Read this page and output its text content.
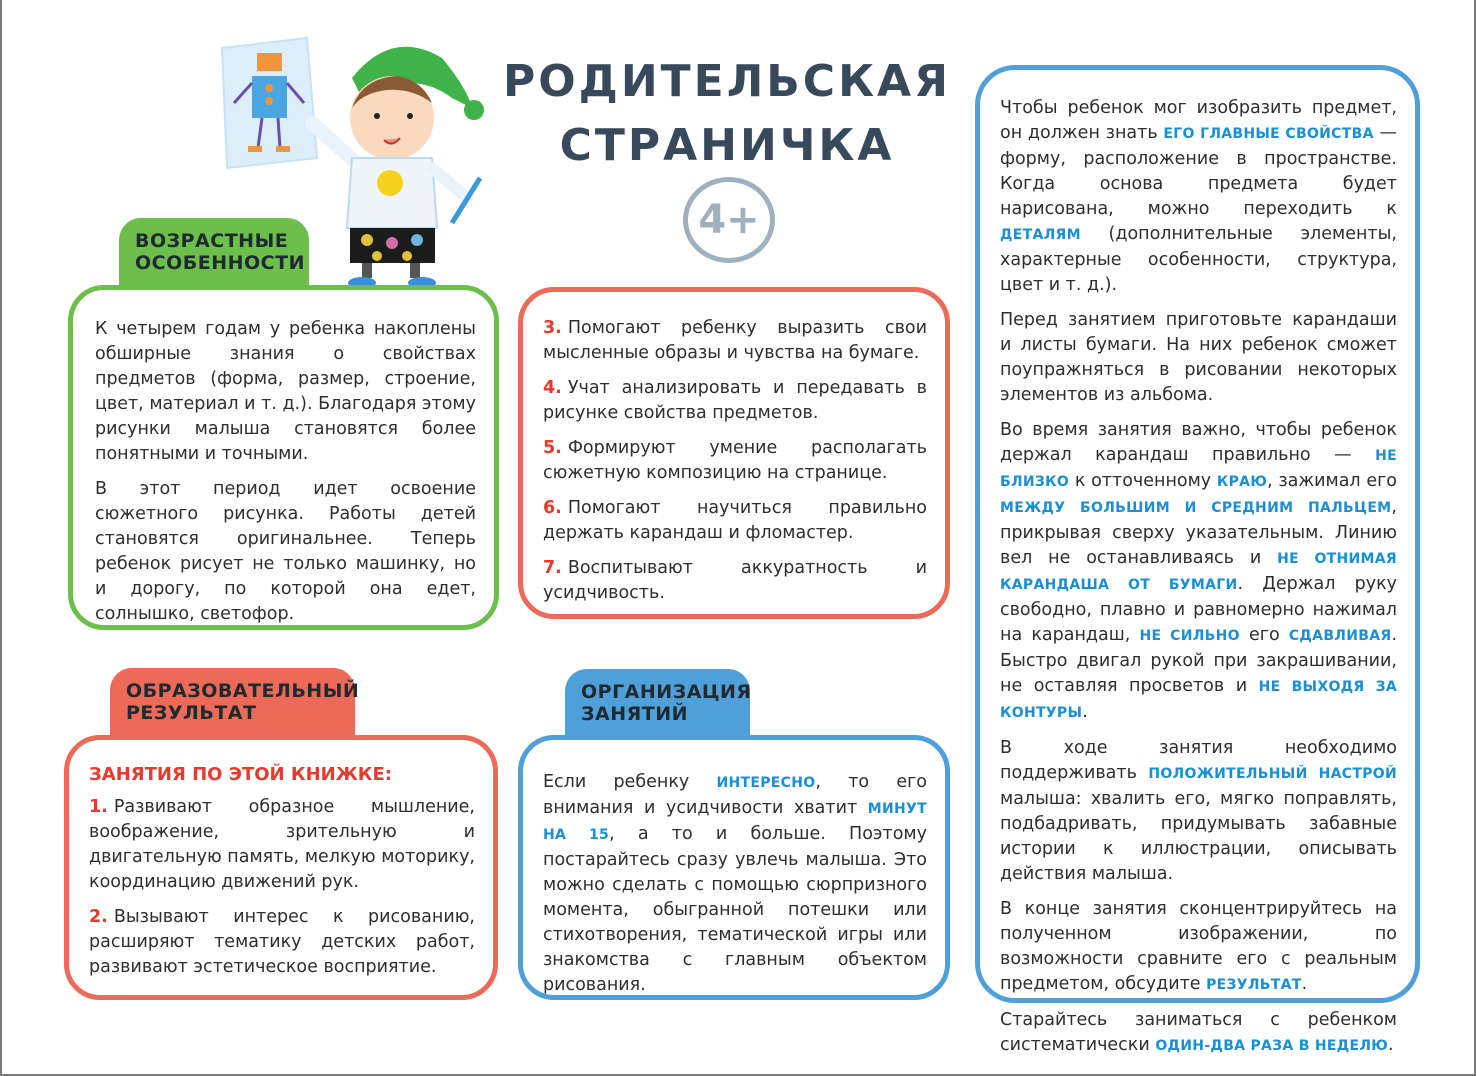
РОДИТЕЛЬСКАЯ
СТРАНИЧКА
4+
ВОЗРАСТНЫЕ
ОСОБЕННОСТИ

К четырем годам у ребенка накоплены обширные знания о свойствах предметов (форма, размер, строение, цвет, материал и т. д.). Благодаря этому рисунки малыша становятся более понятными и точными.

В этот период идет освоение сюжетного рисунка. Работы детей становятся оригинальнее. Теперь ребенок рисует не только машинку, но и дорогу, по которой она едет, солнышко, светофор.

3. Помогают ребенку выразить свои мысленные образы и чувства на бумаге.

4. Учат анализировать и передавать в рисунке свойства предметов.

5. Формируют умение располагать сюжетную композицию на странице.

6. Помогают научиться правильно держать карандаш и фломастер.

7. Воспитывают аккуратность и усидчивость.

ОБРАЗОВАТЕЛЬНЫЙ
РЕЗУЛЬТАТ
ЗАНЯТИЯ ПО ЭТОЙ КНИЖКЕ:

1. Развивают образное мышление, воображение, зрительную и двигательную память, мелкую моторику, координацию движений рук.

2. Вызывают интерес к рисованию, расширяют тематику детских работ, развивают эстетическое восприятие.

ОРГАНИЗАЦИЯ
ЗАНЯТИЙ

Если ребенку ИНТЕРЕСНО, то его внимания и усидчивости хватит МИНУТ НА 15, а то и больше. Поэтому постарайтесь сразу увлечь малыша. Это можно сделать с помощью сюрпризного момента, обыгранной потешки или стихотворения, тематической игры или знакомства с главным объектом рисования.

Чтобы ребенок мог изобразить предмет, он должен знать ЕГО ГЛАВНЫЕ СВОЙСТВА — форму, расположение в пространстве. Когда основа предмета будет нарисована, можно переходить к ДЕТАЛЯМ (дополнительные элементы, характерные особенности, структура, цвет и т. д.).

Перед занятием приготовьте карандаши и листы бумаги. На них ребенок сможет поупражняться в рисовании некоторых элементов из альбома.

Во время занятия важно, чтобы ребенок держал карандаш правильно — НЕ БЛИЗКО к отточенному КРАЮ, зажимал его МЕЖДУ БОЛЬШИМ И СРЕДНИМ ПАЛЬЦЕМ, прикрывая сверху указательным. Линию вел не останавливаясь и НЕ ОТНИМАЯ КАРАНДАША ОТ БУМАГИ. Держал руку свободно, плавно и равномерно нажимал на карандаш, НЕ СИЛЬНО его СДАВЛИВАЯ. Быстро двигал рукой при закрашивании, не оставляя просветов и НЕ ВЫХОДЯ ЗА КОНТУРЫ.

В ходе занятия необходимо поддерживать ПОЛОЖИТЕЛЬНЫЙ НАСТРОЙ малыша: хвалить его, мягко поправлять, подбадривать, придумывать забавные истории к иллюстрации, описывать действия малыша.

В конце занятия сконцентрируйтесь на полученном изображении, по возможности сравните его с реальным предметом, обсудите РЕЗУЛЬТАТ.

Старайтесь заниматься с ребенком систематически ОДИН-ДВА РАЗА В НЕДЕЛЮ.
